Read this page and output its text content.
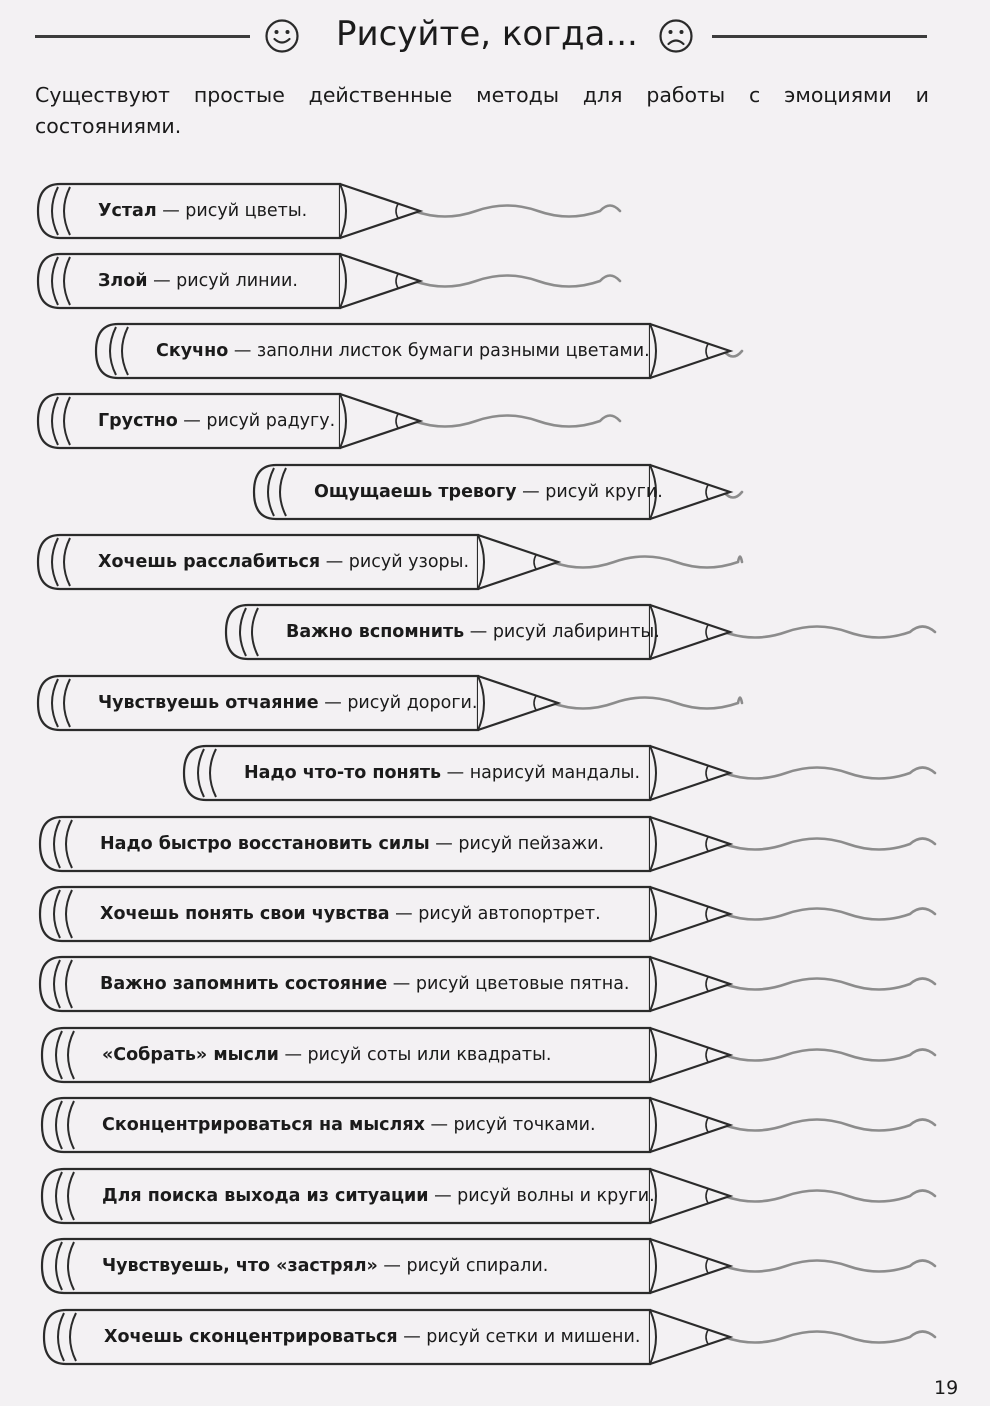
Рисуйте, когда...
Существуют простые действенные методы для работы с эмоциями и состояниями.
Устал — рисуй цветы.
Злой — рисуй линии.
Скучно — заполни листок бумаги разными цветами.
Грустно — рисуй радугу.
Ощущаешь тревогу — рисуй круги.
Хочешь расслабиться — рисуй узоры.
Важно вспомнить — рисуй лабиринты.
Чувствуешь отчаяние — рисуй дороги.
Надо что-то понять — нарисуй мандалы.
Надо быстро восстановить силы — рисуй пейзажи.
Хочешь понять свои чувства — рисуй автопортрет.
Важно запомнить состояние — рисуй цветовые пятна.
«Собрать» мысли — рисуй соты или квадраты.
Сконцентрироваться на мыслях — рисуй точками.
Для поиска выхода из ситуации — рисуй волны и круги.
Чувствуешь, что «застрял» — рисуй спирали.
Хочешь сконцентрироваться — рисуй сетки и мишени.
19
